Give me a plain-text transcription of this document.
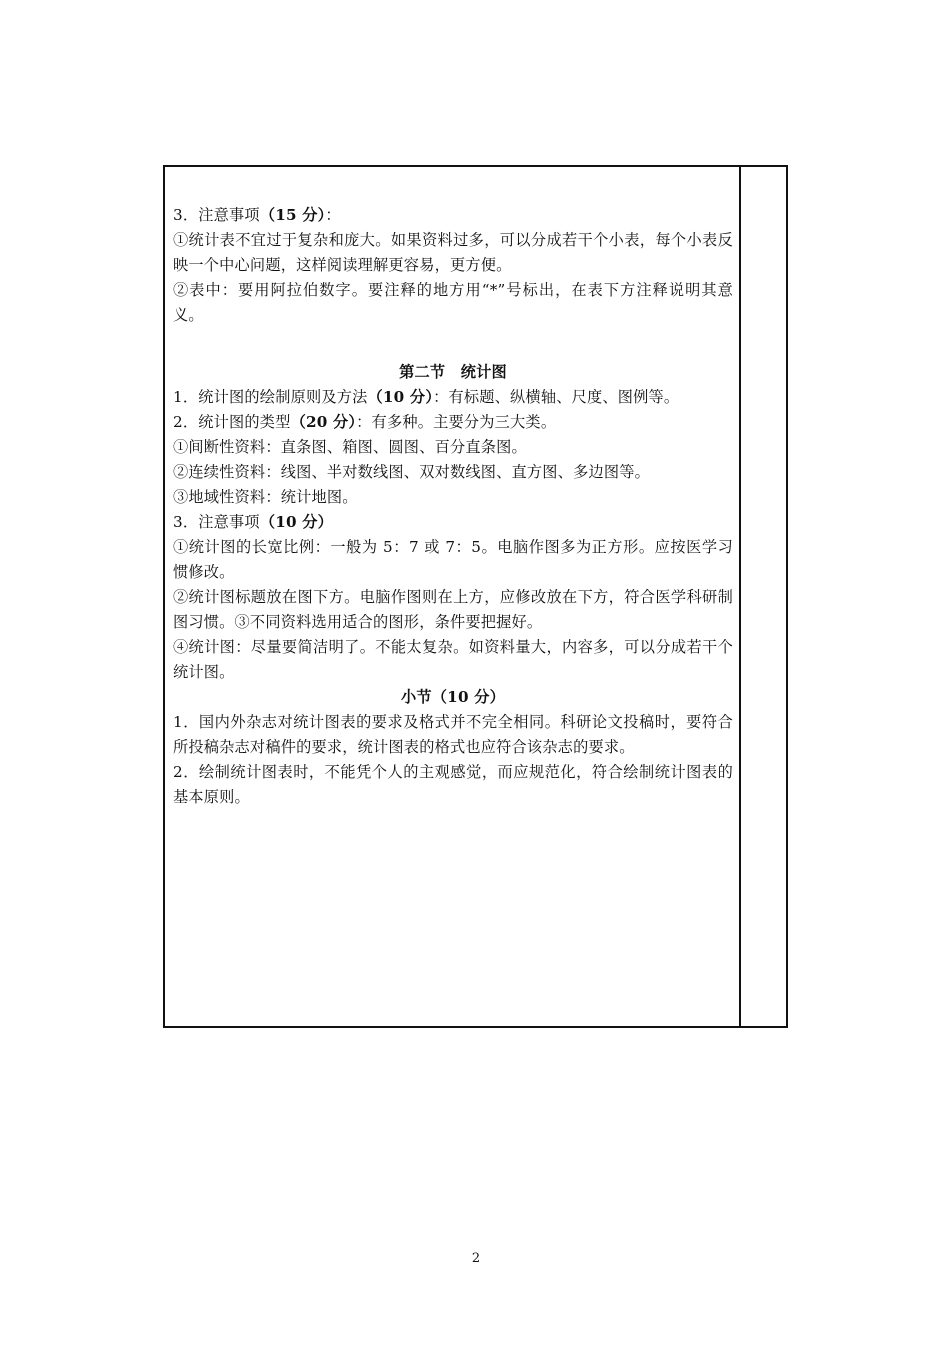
3．注意事项（15 分）：

①统计表不宜过于复杂和庞大。如果资料过多，可以分成若干个小表，每个小表反映一个中心问题，这样阅读理解更容易，更方便。

②表中：要用阿拉伯数字。要注释的地方用“*”号标出，在表下方注释说明其意义。

第二节　统计图

1．统计图的绘制原则及方法（10 分）：有标题、纵横轴、尺度、图例等。

2．统计图的类型（20 分）：有多种。主要分为三大类。

①间断性资料：直条图、箱图、圆图、百分直条图。

②连续性资料：线图、半对数线图、双对数线图、直方图、多边图等。

③地域性资料：统计地图。

3．注意事项（10 分）

①统计图的长宽比例：一般为 5：7 或 7：5。电脑作图多为正方形。应按医学习惯修改。

②统计图标题放在图下方。电脑作图则在上方，应修改放在下方，符合医学科研制图习惯。③不同资料选用适合的图形，条件要把握好。

④统计图：尽量要简洁明了。不能太复杂。如资料量大，内容多，可以分成若干个统计图。

小节（10 分）

1．国内外杂志对统计图表的要求及格式并不完全相同。科研论文投稿时，要符合所投稿杂志对稿件的要求，统计图表的格式也应符合该杂志的要求。

2．绘制统计图表时，不能凭个人的主观感觉，而应规范化，符合绘制统计图表的基本原则。

2
